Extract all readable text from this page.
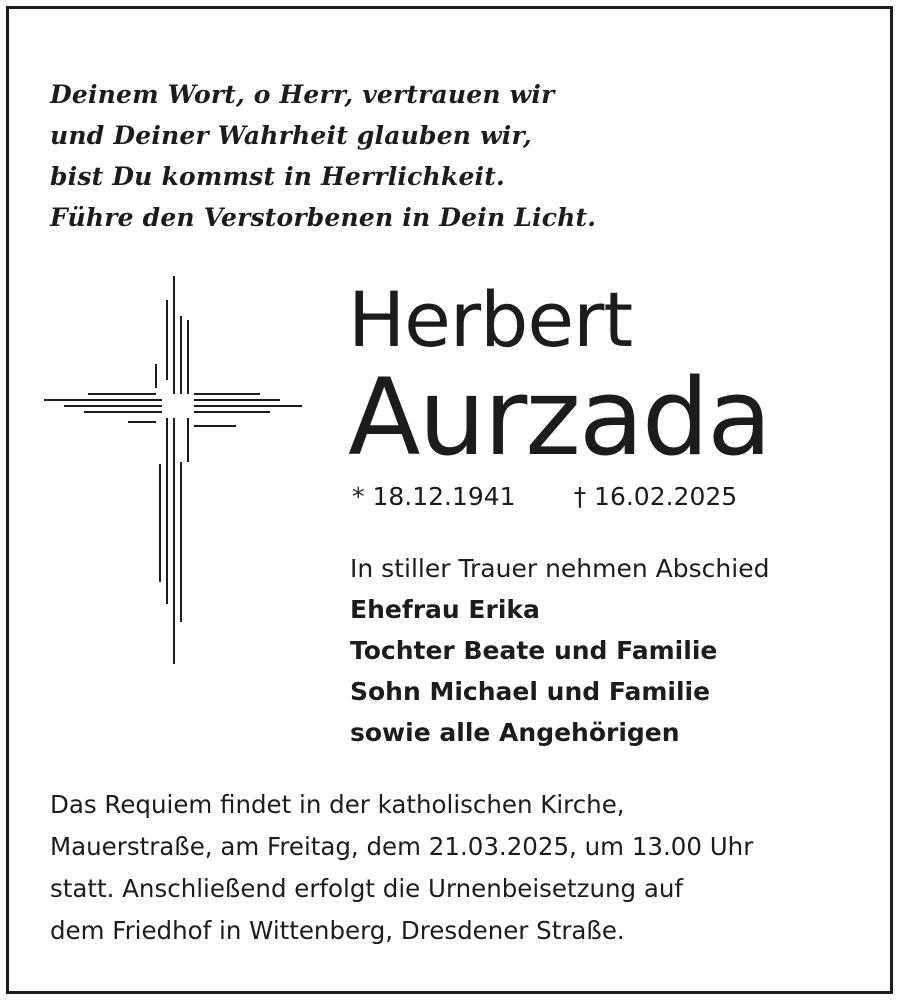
Deinem Wort, o Herr, vertrauen wir
und Deiner Wahrheit glauben wir,
bist Du kommst in Herrlichkeit.
Führe den Verstorbenen in Dein Licht.
Herbert
Aurzada
* 18.12.1941 † 16.02.2025
In stiller Trauer nehmen Abschied
Ehefrau Erika
Tochter Beate und Familie
Sohn Michael und Familie
sowie alle Angehörigen
Das Requiem findet in der katholischen Kirche,
Mauerstraße, am Freitag, dem 21.03.2025, um 13.00 Uhr
statt. Anschließend erfolgt die Urnenbeisetzung auf
dem Friedhof in Wittenberg, Dresdener Straße.
